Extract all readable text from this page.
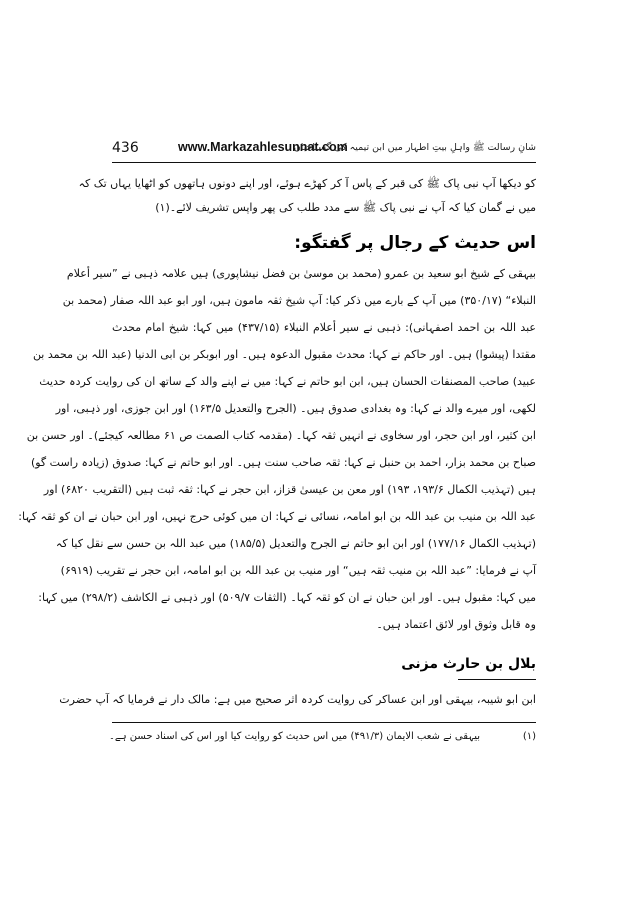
436	www.Markazahlesunnat.com
شانِ رسالت ﷺ واہلِ بیتِ اطہار میں ابن تیمیہ کی گستاخیاں
کو دیکھا آپ نبی پاک ﷺ کی قبر کے پاس آ کر کھڑے ہوئے، اور اپنے دونوں ہاتھوں کو اٹھایا یہاں تک کہ
میں نے گمان کیا کہ آپ نے نبی پاک ﷺ سے مدد طلب کی پھر واپس تشریف لائے۔(۱)
اس حدیث کے رجال پر گفتگو:
بیہقی کے شیخ ابو سعید بن عمرو (محمد بن موسیٰ بن فضل نیشاپوری) ہیں علامہ ذہبی نے ”سیر أعلام
النبلاء“ (۳۵۰/۱۷) میں آپ کے بارے میں ذکر کیا: آپ شیخ ثقہ مامون ہیں، اور ابو عبد اللہ صفار (محمد بن
عبد اللہ بن احمد اصفہانی): ذہبی نے سیر أعلام النبلاء (۴۳۷/۱۵) میں کہا: شیخ امام محدث
مقتدا (پیشوا) ہیں۔ اور حاکم نے کہا: محدث مقبول الدعوہ ہیں۔ اور ابوبکر بن ابی الدنیا (عبد اللہ بن محمد بن
عبید) صاحب المصنفات الحسان ہیں، ابن ابو حاتم نے کہا: میں نے اپنے والد کے ساتھ ان کی روایت کردہ حدیث
لکھی، اور میرے والد نے کہا: وہ بغدادی صدوق ہیں۔ (الجرح والتعدیل ۱۶۳/۵) اور ابن جوزی، اور ذہبی، اور
ابن کثیر، اور ابن حجر، اور سخاوی نے انہیں ثقہ کہا۔ (مقدمہ کتاب الصمت ص ۶۱ مطالعہ کیجئے)۔ اور حسن بن
صباح بن محمد بزار، احمد بن حنبل نے کہا: ثقہ صاحب سنت ہیں۔ اور ابو حاتم نے کہا: صدوق (زیادہ راست گو)
ہیں (تہذیب الکمال ۱۹۳/۶، ۱۹۳) اور معن بن عیسیٰ قزاز، ابن حجر نے کہا: ثقہ ثبت ہیں (التقریب ۶۸۲۰) اور
عبد اللہ بن منیب بن عبد اللہ بن ابو امامہ، نسائی نے کہا: ان میں کوئی حرج نہیں، اور ابن حبان نے ان کو ثقہ کہا:
(تہذیب الکمال ۱۷۷/۱۶) اور ابن ابو حاتم نے الجرح والتعدیل (۱۸۵/۵) میں عبد اللہ بن حسن سے نقل کیا کہ
آپ نے فرمایا: ”عبد اللہ بن منیب ثقہ ہیں“ اور منیب بن عبد اللہ بن ابو امامہ، ابن حجر نے تقریب (۶۹۱۹)
میں کہا: مقبول ہیں۔ اور ابن حبان نے ان کو ثقہ کہا۔ (الثقات ۵۰۹/۷) اور ذہبی نے الکاشف (۲۹۸/۲) میں کہا:
وہ قابل وثوق اور لائق اعتماد ہیں۔
بلال بن حارث مزنی
ابن ابو شیبہ، بیہقی اور ابن عساکر کی روایت کردہ اثر صحیح میں ہے: مالک دار نے فرمایا کہ آپ حضرت
(۱)
بیہقی نے شعب الایمان (۴۹۱/۳) میں اس حدیث کو روایت کیا اور اس کی اسناد حسن ہے۔
